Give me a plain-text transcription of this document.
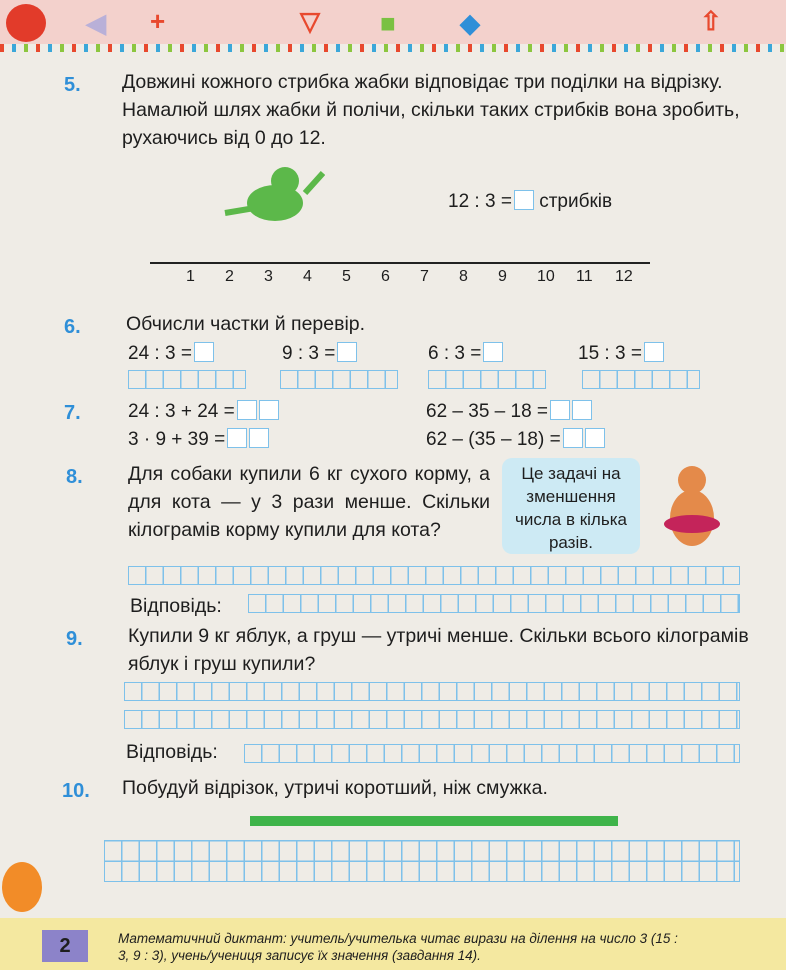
◀ +	▽ ■ ◆	⇧
5. Довжині кожного стрибка жабки відповідає три поділки на відрізку. Намалюй шлях жабки й полічи, скільки таких стрибків вона зробить, рухаючись від 0 до 12.
12 : 3 = стрибків
1 2 3 4 5 6 7 8 9 10 11 12
6. Обчисли частки й перевір.
24 : 3 =	9 : 3 =	6 : 3 =	15 : 3 =
7. 24 : 3 + 24 =	62 – 35 – 18 =
3 · 9 + 39 =	62 – (35 – 18) =
8. Для собаки купили 6 кг сухого корму, а для кота — у 3 рази менше. Скільки кілограмів корму купили для кота?
Це задачі на зменшення числа в кілька разів.
Відповідь:
9. Купили 9 кг яблук, а груш — утричі менше. Скільки всього кілограмів яблук і груш купили?
Відповідь:
10. Побудуй відрізок, утричі коротший, ніж смужка.
2	Математичний диктант: учитель/учителька читає вирази на ділення на число 3 (15 : 3, 9 : 3), учень/учениця записує їх значення (завдання 14).
